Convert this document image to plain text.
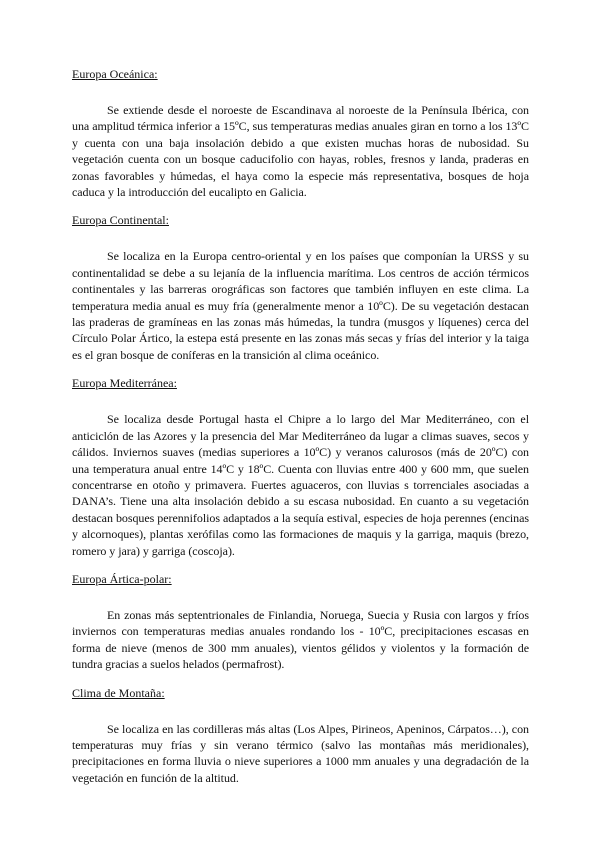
Europa Oceánica:

Se extiende desde el noroeste de Escandinava al noroeste de la Península Ibérica, con una amplitud térmica inferior a 15ºC, sus temperaturas medias anuales giran en torno a los 13ºC y cuenta con una baja insolación debido a que existen muchas horas de nubosidad. Su vegetación cuenta con un bosque caducifolio con hayas, robles, fresnos y landa, praderas en zonas favorables y húmedas, el haya como la especie más representativa, bosques de hoja caduca y la introducción del eucalipto en Galicia.

Europa Continental:

Se localiza en la Europa centro-oriental y en los países que componían la URSS y su continentalidad se debe a su lejanía de la influencia marítima. Los centros de acción térmicos continentales y las barreras orográficas son factores que también influyen en este clima. La temperatura media anual es muy fría (generalmente menor a 10ºC). De su vegetación destacan las praderas de gramíneas en las zonas más húmedas, la tundra (musgos y líquenes) cerca del Círculo Polar Ártico, la estepa está presente en las zonas más secas y frías del interior y la taiga es el gran bosque de coníferas en la transición al clima oceánico.

Europa Mediterránea:

Se localiza desde Portugal hasta el Chipre a lo largo del Mar Mediterráneo, con el anticiclón de las Azores y la presencia del Mar Mediterráneo da lugar a climas suaves, secos y cálidos. Inviernos suaves (medias superiores a 10ºC) y veranos calurosos (más de 20ºC) con una temperatura anual entre 14ºC y 18ºC. Cuenta con lluvias entre 400 y 600 mm, que suelen concentrarse en otoño y primavera. Fuertes aguaceros, con lluvias s torrenciales asociadas a DANA’s. Tiene una alta insolación debido a su escasa nubosidad. En cuanto a su vegetación destacan bosques perennifolios adaptados a la sequía estival, especies de hoja perennes (encinas y alcornoques), plantas xerófilas como las formaciones de maquis y la garriga, maquis (brezo, romero y jara) y garriga (coscoja).

Europa Ártica-polar:

En zonas más septentrionales de Finlandia, Noruega, Suecia y Rusia con largos y fríos inviernos con temperaturas medias anuales rondando los - 10ºC, precipitaciones escasas en forma de nieve (menos de 300 mm anuales), vientos gélidos y violentos y la formación de tundra gracias a suelos helados (permafrost).

Clima de Montaña:

Se localiza en las cordilleras más altas (Los Alpes, Pirineos, Apeninos, Cárpatos…), con temperaturas muy frías y sin verano térmico (salvo las montañas más meridionales), precipitaciones en forma lluvia o nieve superiores a 1000 mm anuales y una degradación de la vegetación en función de la altitud.
